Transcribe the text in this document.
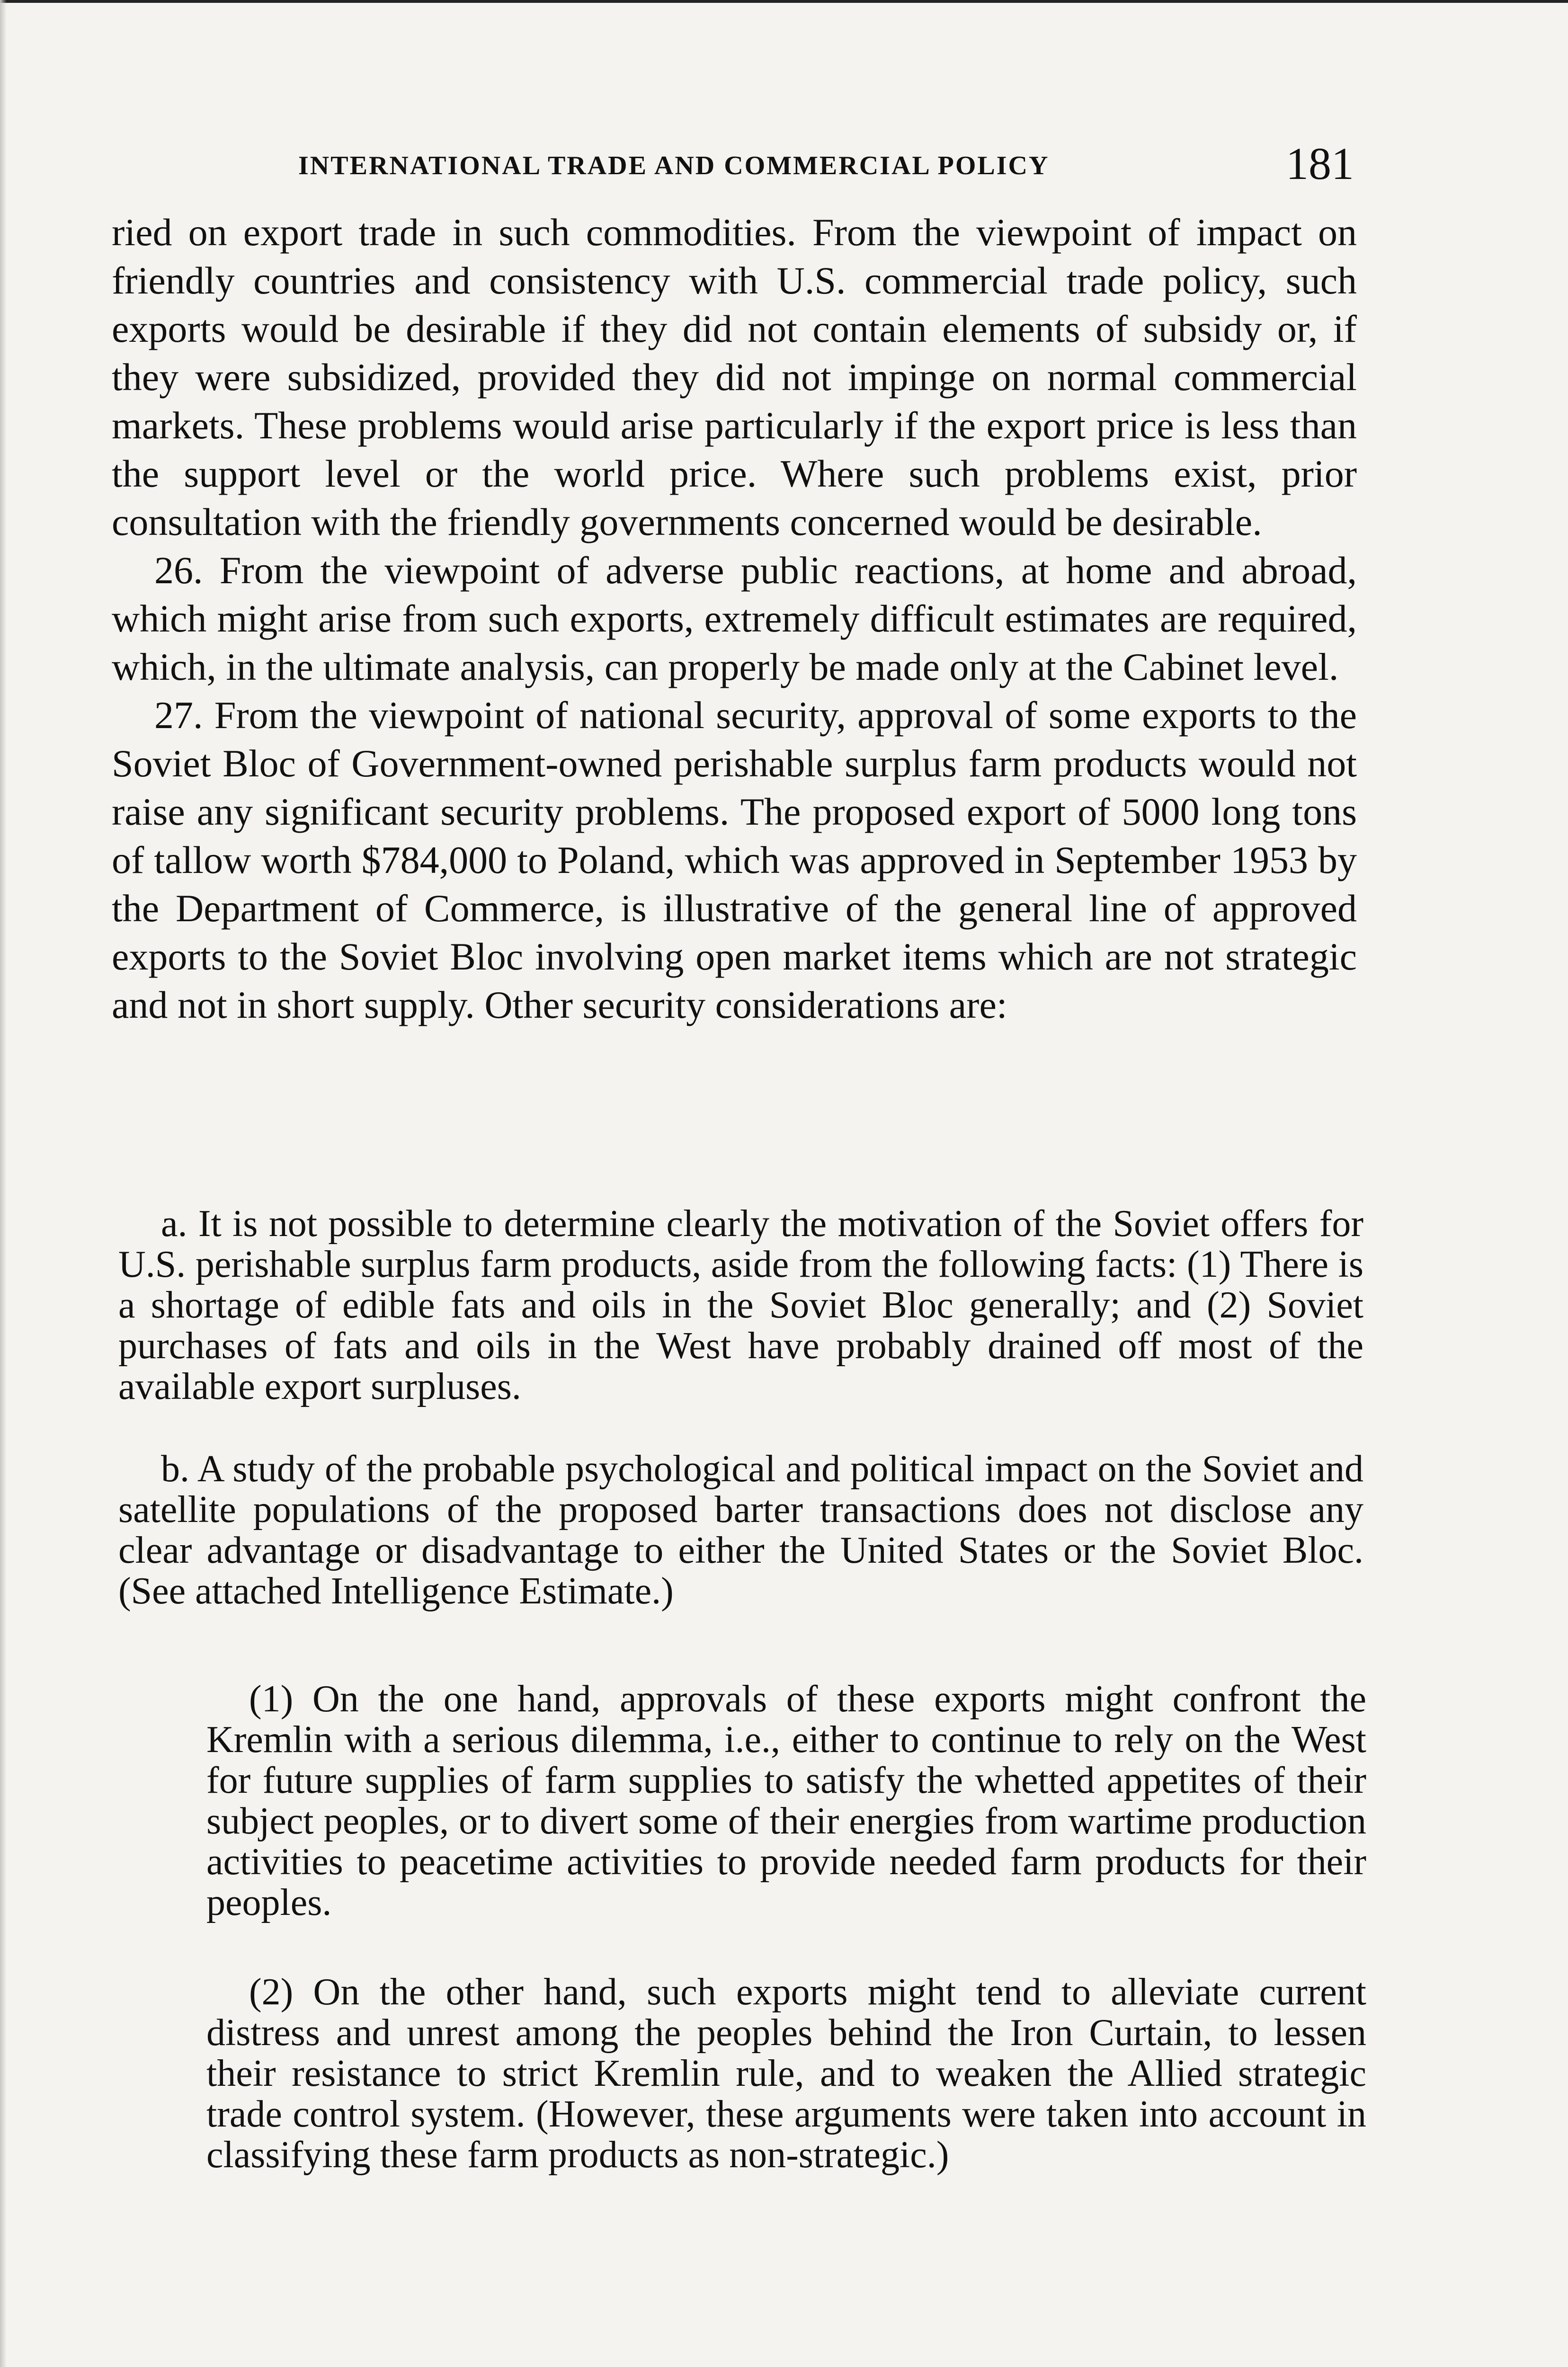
INTERNATIONAL TRADE AND COMMERCIAL POLICY	181

ried on export trade in such commodities. From the viewpoint of impact on friendly countries and consistency with U.S. commercial trade policy, such exports would be desirable if they did not contain elements of subsidy or, if they were subsidized, provided they did not impinge on normal commercial markets. These problems would arise particularly if the export price is less than the support level or the world price. Where such problems exist, prior consultation with the friendly governments concerned would be desirable.

26. From the viewpoint of adverse public reactions, at home and abroad, which might arise from such exports, extremely difficult estimates are required, which, in the ultimate analysis, can properly be made only at the Cabinet level.

27. From the viewpoint of national security, approval of some exports to the Soviet Bloc of Government-owned perishable surplus farm products would not raise any significant security problems. The proposed export of 5000 long tons of tallow worth $784,000 to Poland, which was approved in September 1953 by the Department of Commerce, is illustrative of the general line of approved exports to the Soviet Bloc involving open market items which are not strategic and not in short supply. Other security considerations are:

a. It is not possible to determine clearly the motivation of the Soviet offers for U.S. perishable surplus farm products, aside from the following facts: (1) There is a shortage of edible fats and oils in the Soviet Bloc generally; and (2) Soviet purchases of fats and oils in the West have probably drained off most of the available export surpluses.

b. A study of the probable psychological and political impact on the Soviet and satellite populations of the proposed barter transactions does not disclose any clear advantage or disadvantage to either the United States or the Soviet Bloc. (See attached Intelligence Estimate.)

(1) On the one hand, approvals of these exports might confront the Kremlin with a serious dilemma, i.e., either to continue to rely on the West for future supplies of farm supplies to satisfy the whetted appetites of their subject peoples, or to divert some of their energies from wartime production activities to peacetime activities to provide needed farm products for their peoples.

(2) On the other hand, such exports might tend to alleviate current distress and unrest among the peoples behind the Iron Curtain, to lessen their resistance to strict Kremlin rule, and to weaken the Allied strategic trade control system. (However, these arguments were taken into account in classifying these farm products as non-strategic.)
